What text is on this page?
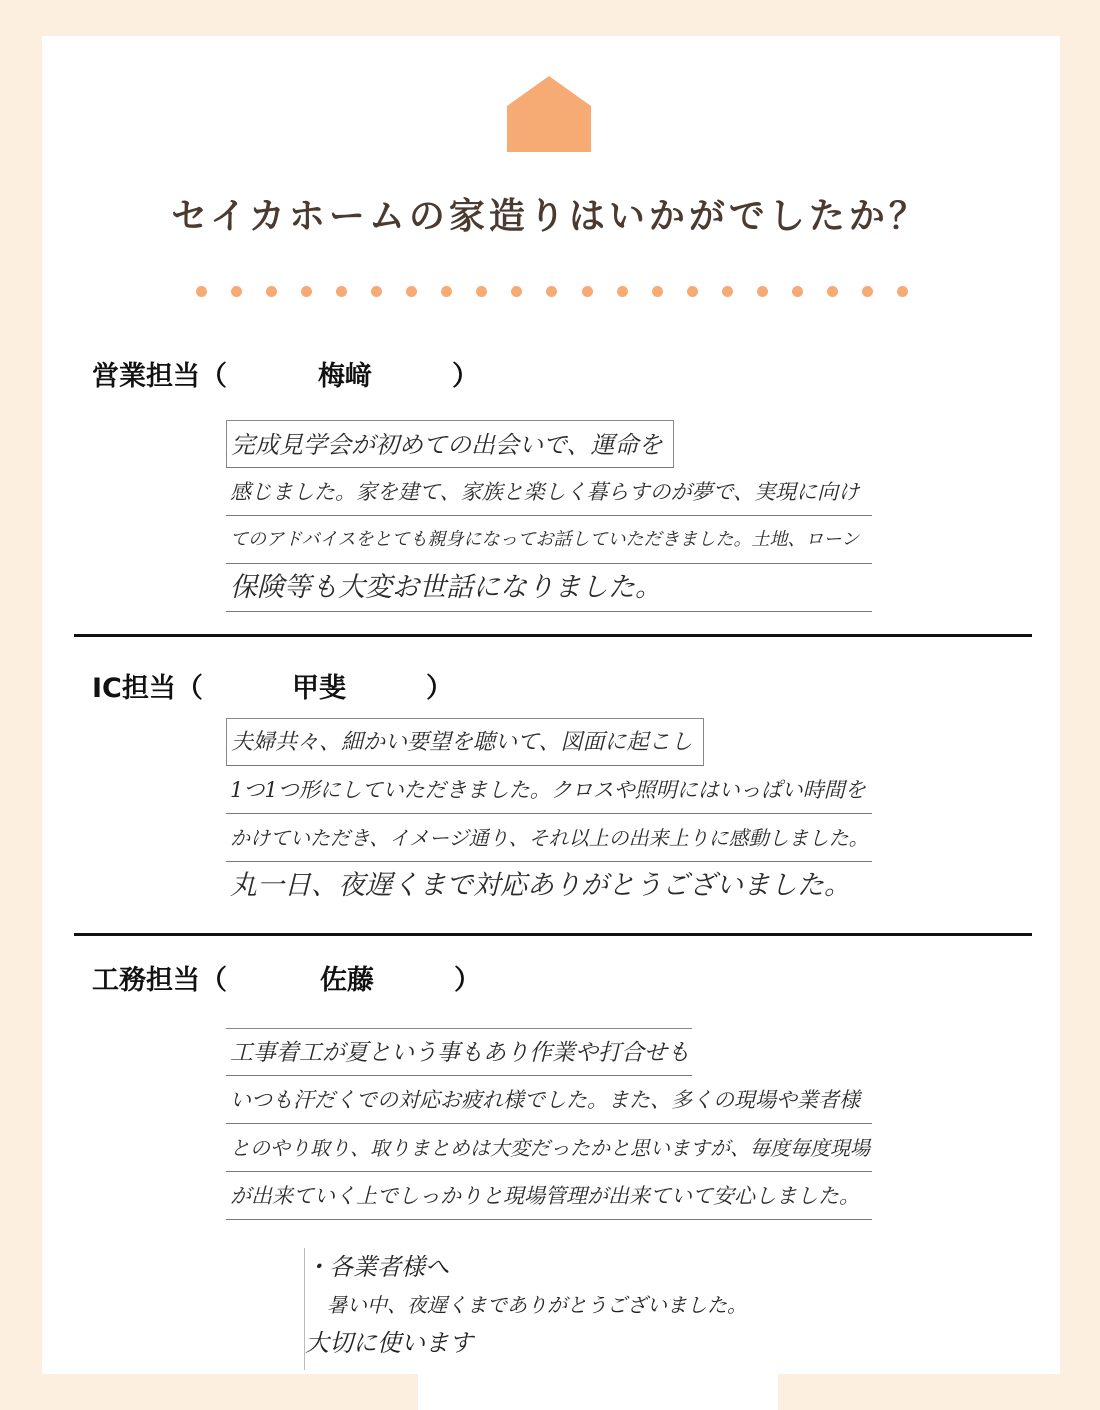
セイカホームの家造りはいかがでしたか？
営業担当（	梅﨑	）
完成見学会が初めての出会いで、運命を
感じました。家を建て、家族と楽しく暮らすのが夢で、実現に向け
てのアドバイスをとても親身になってお話していただきました。土地、ローン
保険等も大変お世話になりました。
IC担当（	甲斐	）
夫婦共々、細かい要望を聴いて、図面に起こし
1つ1つ形にしていただきました。クロスや照明にはいっぱい時間を
かけていただき、イメージ通り、それ以上の出来上りに感動しました。
丸一日、夜遅くまで対応ありがとうございました。
工務担当（	佐藤	）
工事着工が夏という事もあり作業や打合せも
いつも汗だくでの対応お疲れ様でした。また、多くの現場や業者様
とのやり取り、取りまとめは大変だったかと思いますが、毎度毎度現場
が出来ていく上でしっかりと現場管理が出来ていて安心しました。
・各業者様へ
暑い中、夜遅くまでありがとうございました。
大切に使います
